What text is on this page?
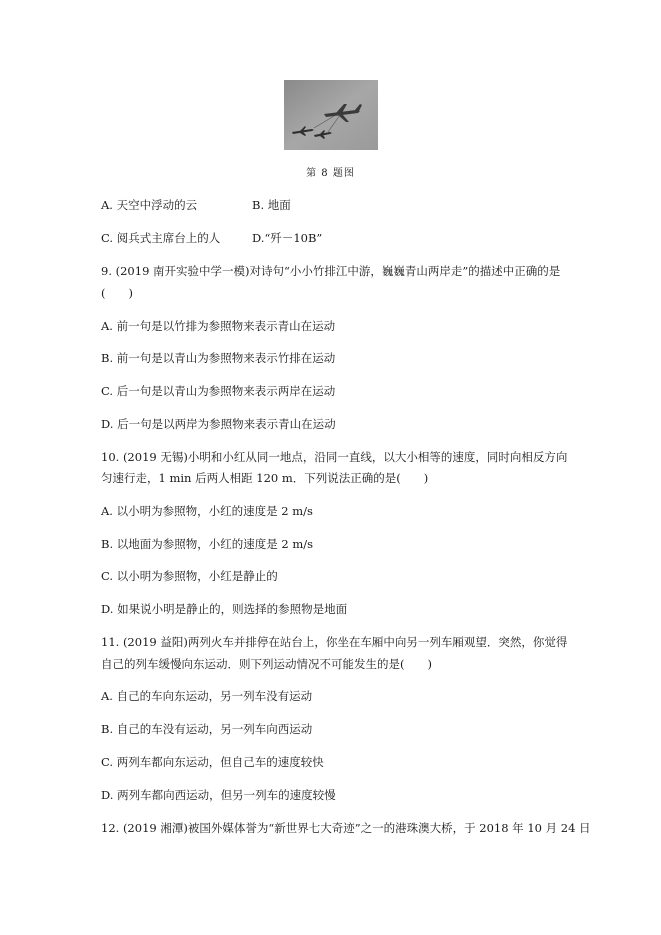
第 8 题图
A. 天空中浮动的云	B. 地面
C. 阅兵式主席台上的人	D.“歼－10B”
9. (2019 南开实验中学一模)对诗句“小小竹排江中游，巍巍青山两岸走”的描述中正确的是
(　　)
A. 前一句是以竹排为参照物来表示青山在运动
B. 前一句是以青山为参照物来表示竹排在运动
C. 后一句是以青山为参照物来表示两岸在运动
D. 后一句是以两岸为参照物来表示青山在运动
10. (2019 无锡)小明和小红从同一地点，沿同一直线，以大小相等的速度，同时向相反方向
匀速行走，1 min 后两人相距 120 m．下列说法正确的是(　　)
A. 以小明为参照物，小红的速度是 2 m/s
B. 以地面为参照物，小红的速度是 2 m/s
C. 以小明为参照物，小红是静止的
D. 如果说小明是静止的，则选择的参照物是地面
11. (2019 益阳)两列火车并排停在站台上，你坐在车厢中向另一列车厢观望．突然，你觉得
自己的列车缓慢向东运动．则下列运动情况不可能发生的是(　　)
A. 自己的车向东运动，另一列车没有运动
B. 自己的车没有运动，另一列车向西运动
C. 两列车都向东运动，但自己车的速度较快
D. 两列车都向西运动，但另一列车的速度较慢
12. (2019 湘潭)被国外媒体誉为“新世界七大奇迹”之一的港珠澳大桥，于 2018 年 10 月 24 日
